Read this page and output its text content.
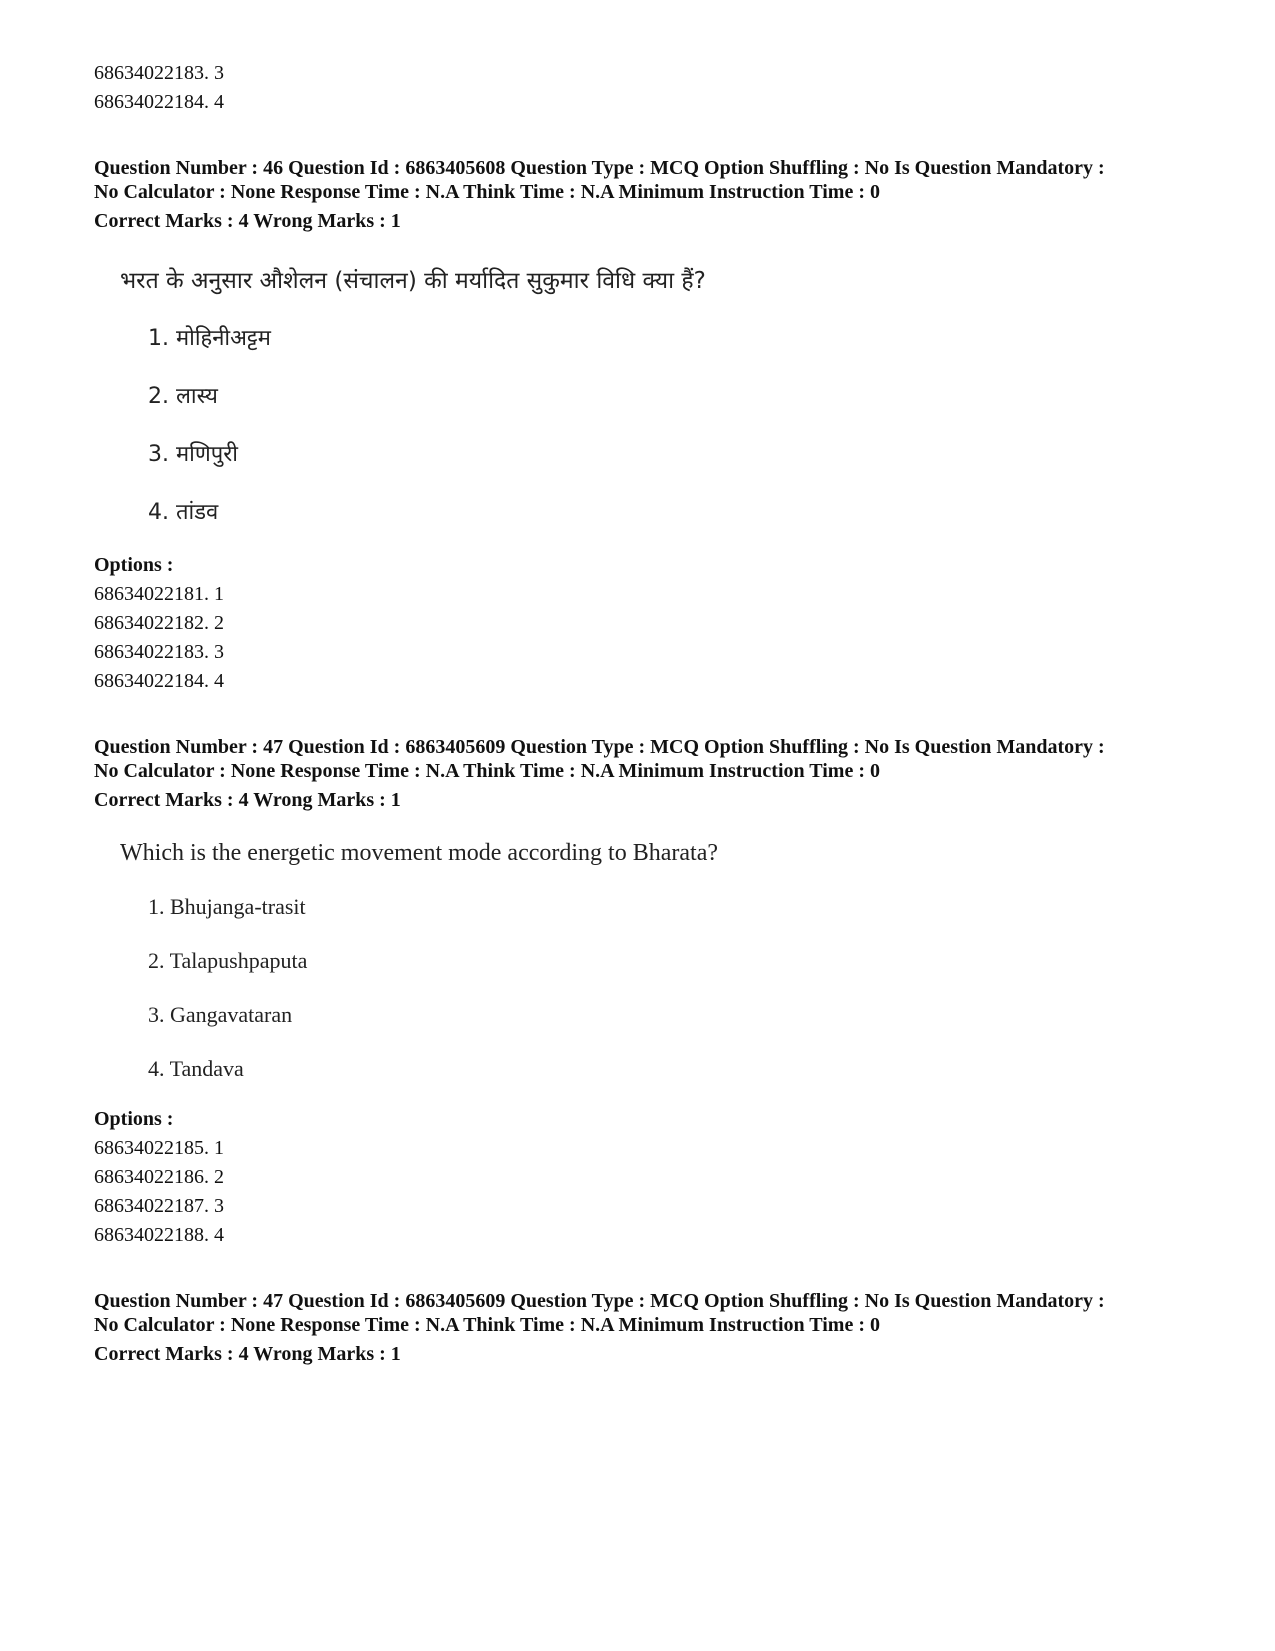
68634022183. 3
68634022184. 4
Question Number : 46 Question Id : 6863405608 Question Type : MCQ Option Shuffling : No Is Question Mandatory :
No Calculator : None Response Time : N.A Think Time : N.A Minimum Instruction Time : 0
Correct Marks : 4 Wrong Marks : 1
भरत के अनुसार औशेलन (संचालन) की मर्यादित सुकुमार विधि क्या हैं?
1. मोहिनीअट्टम
2. लास्य
3. मणिपुरी
4. तांडव
Options :
68634022181. 1
68634022182. 2
68634022183. 3
68634022184. 4
Question Number : 47 Question Id : 6863405609 Question Type : MCQ Option Shuffling : No Is Question Mandatory :
No Calculator : None Response Time : N.A Think Time : N.A Minimum Instruction Time : 0
Correct Marks : 4 Wrong Marks : 1
Which is the energetic movement mode according to Bharata?
1. Bhujanga-trasit
2. Talapushpaputa
3. Gangavataran
4. Tandava
Options :
68634022185. 1
68634022186. 2
68634022187. 3
68634022188. 4
Question Number : 47 Question Id : 6863405609 Question Type : MCQ Option Shuffling : No Is Question Mandatory :
No Calculator : None Response Time : N.A Think Time : N.A Minimum Instruction Time : 0
Correct Marks : 4 Wrong Marks : 1
